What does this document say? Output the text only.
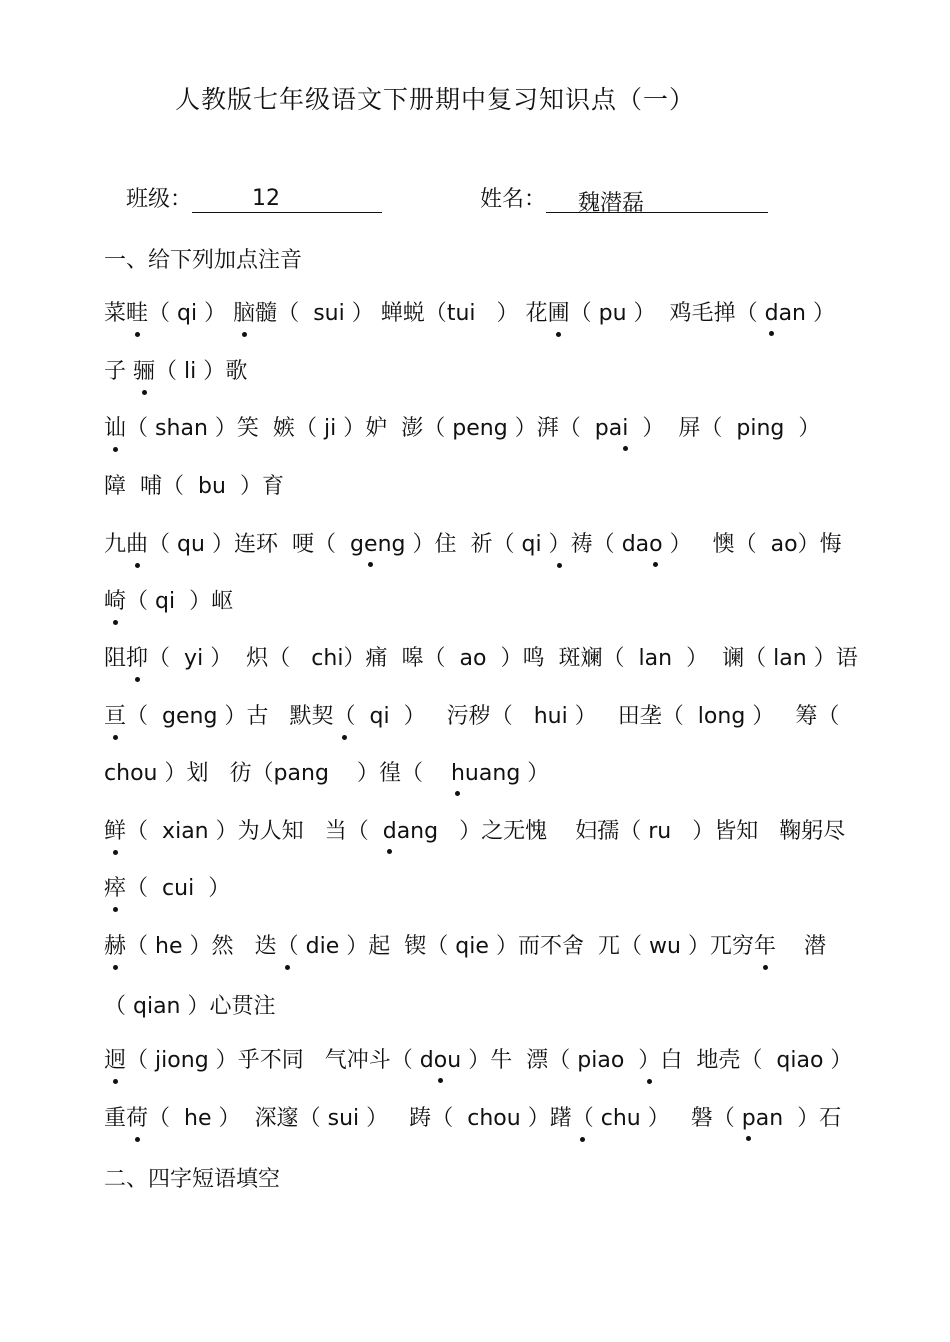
人教版七年级语文下册期中复习知识点（一）
班级：	12	姓名： 魏潜磊
一、给下列加点注音
菜畦
（ qi ） 脑
髓（ sui ） 蝉蜕（tui ） 花圃
（ pu ） 鸡毛掸（ d
an ）
子 骊
（ li ）歌
讪
（ shan ）笑 嫉（ ji ）妒 澎（ peng ）湃（ pai ） 屏（ ping ）
障 哺（ bu ）育
九曲
（ qu ）连环 哽（ ge
ng ）住 祈（ qi ）
祷（ dao ） 懊（ ao）悔
崎
（ qi ）岖
阻抑
（ yi ） 炽（ chi）痛 嗥（ ao ）鸣 斑斓（ lan ） 谰（ lan ）语
亘
（ geng ）古 默契（ qi ） 污秽（ hui ） 田垄（ long ） 筹（
chou ）划 彷（pang ）徨（ h
uang ）
鲜
（ xian ）为人知 当（ d
ang ）之无愧 妇孺（ ru ）皆知 鞠躬尽
瘁
（ cui ）
赫
（ he ）然 迭（ die ）起 锲（ qie ）而不舍 兀（ wu ）兀穷年 潜
（ qian ）心贯注
迥
（ jiong ）乎不同 气冲斗（ do
u ）牛 漂（ piao ）
白 地壳（ qiao ）
重荷
（ he ） 深邃（ sui ） 踌（ chou ）躇（ chu ） 磐（ p
an ）石
二、四字短语填空
